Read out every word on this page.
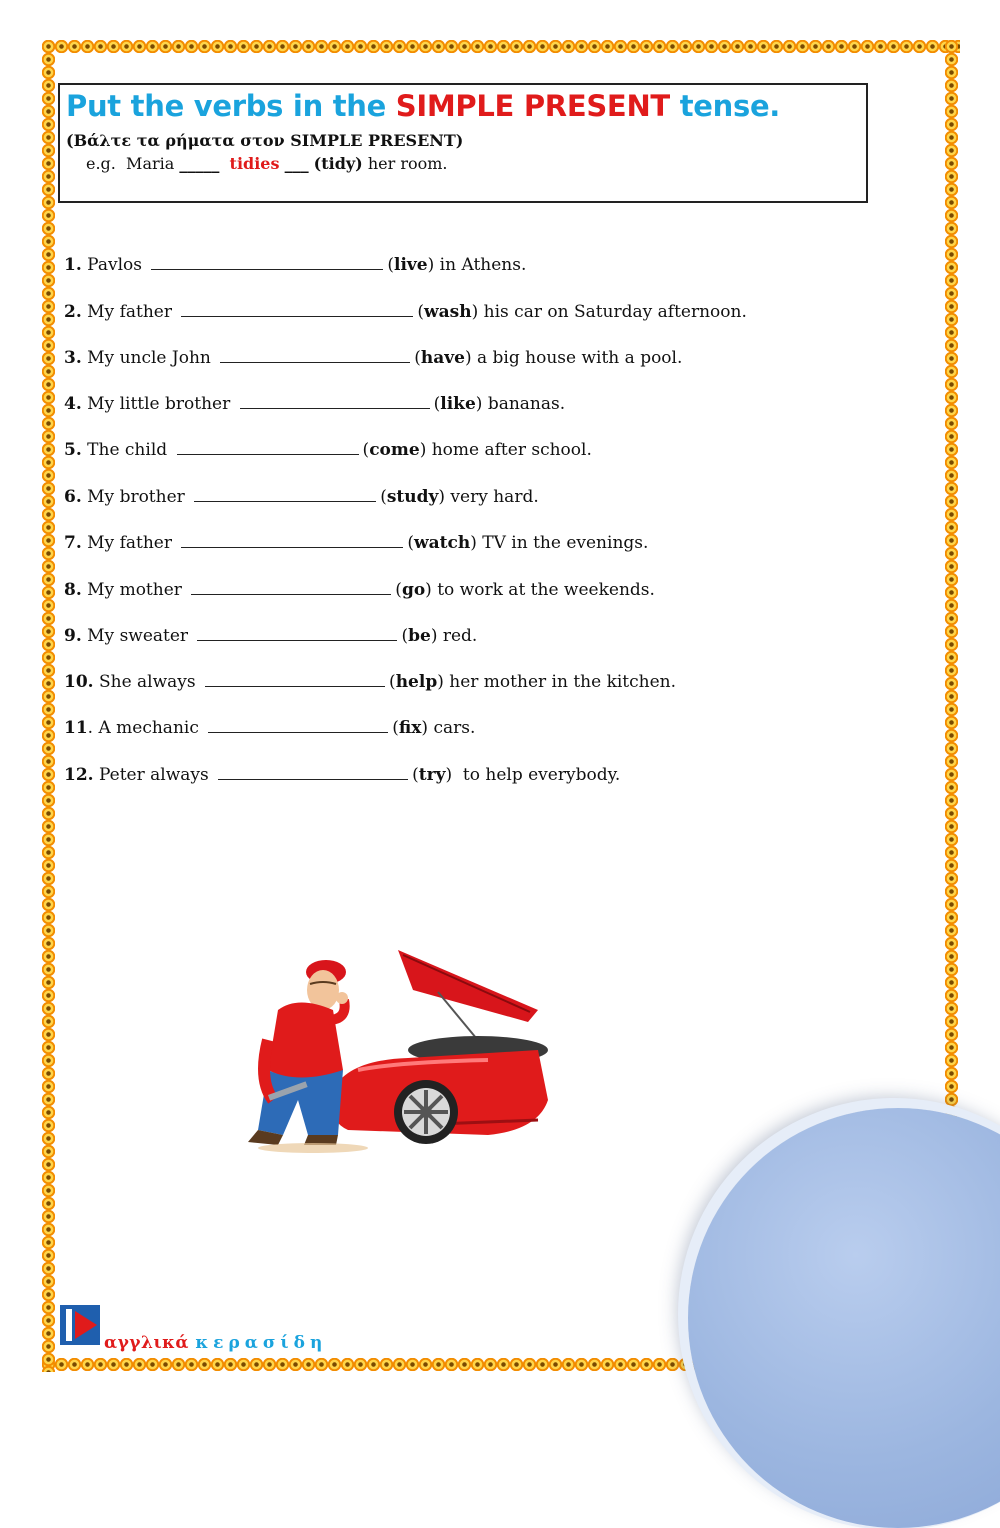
Put the verbs in the SIMPLE PRESENT tense.
(Βάλτε τα ρήματα στον SIMPLE PRESENT)
e.g.  Maria _____ tidies ___ (tidy) her room.
1. Pavlos	(live) in Athens.
2. My father	(wash) his car on Saturday afternoon.
3. My uncle John	(have) a big house with a pool.
4. My little brother	(like) bananas.
5. The child	(come) home after school.
6. My brother	(study) very hard.
7. My father	(watch) TV in the evenings.
8. My mother	(go) to work at the weekends.
9. My sweater	(be) red.
10. She always	(help) her mother in the kitchen.
11. A mechanic	(fix) cars.
12. Peter always	(try)  to help everybody.
αγγλικά κερασίδη
